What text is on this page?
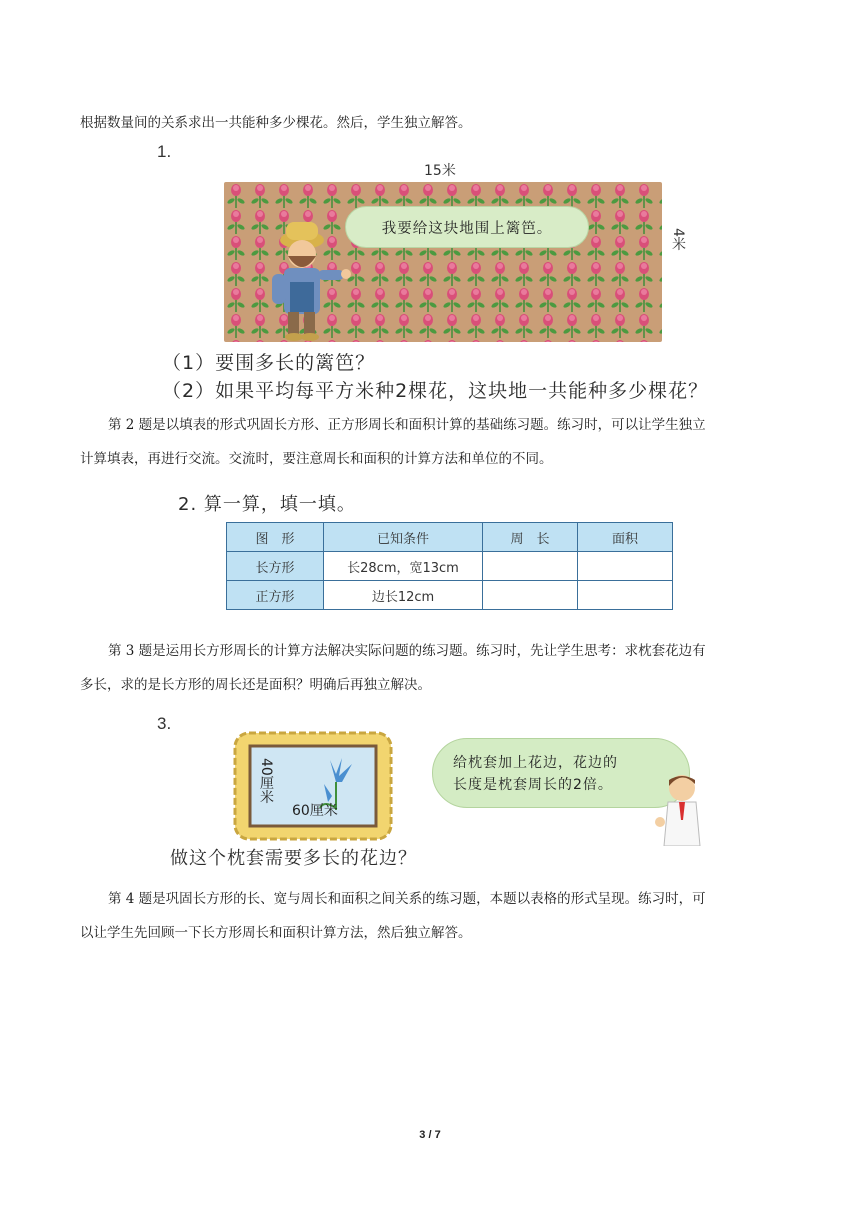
根据数量间的关系求出一共能种多少棵花。然后，学生独立解答。
1.
15米
我要给这块地围上篱笆。	4米
（1）要围多长的篱笆？
（2）如果平均每平方米种2棵花，这块地一共能种多少棵花？
第 2 题是以填表的形式巩固长方形、正方形周长和面积计算的基础练习题。练习时，可以让学生独立
计算填表，再进行交流。交流时，要注意周长和面积的计算方法和单位的不同。
2. 算一算，填一填。
图　形	已知条件	周　长	面积
长方形	长28cm，宽13cm		
正方形	边长12cm		
第 3 题是运用长方形周长的计算方法解决实际问题的练习题。练习时，先让学生思考：求枕套花边有
多长，求的是长方形的周长还是面积？明确后再独立解决。
3.
40厘米
60厘米
给枕套加上花边，花边的
长度是枕套周长的2倍。
做这个枕套需要多长的花边？
第 4 题是巩固长方形的长、宽与周长和面积之间关系的练习题，本题以表格的形式呈现。练习时，可
以让学生先回顾一下长方形周长和面积计算方法，然后独立解答。
3 / 7
